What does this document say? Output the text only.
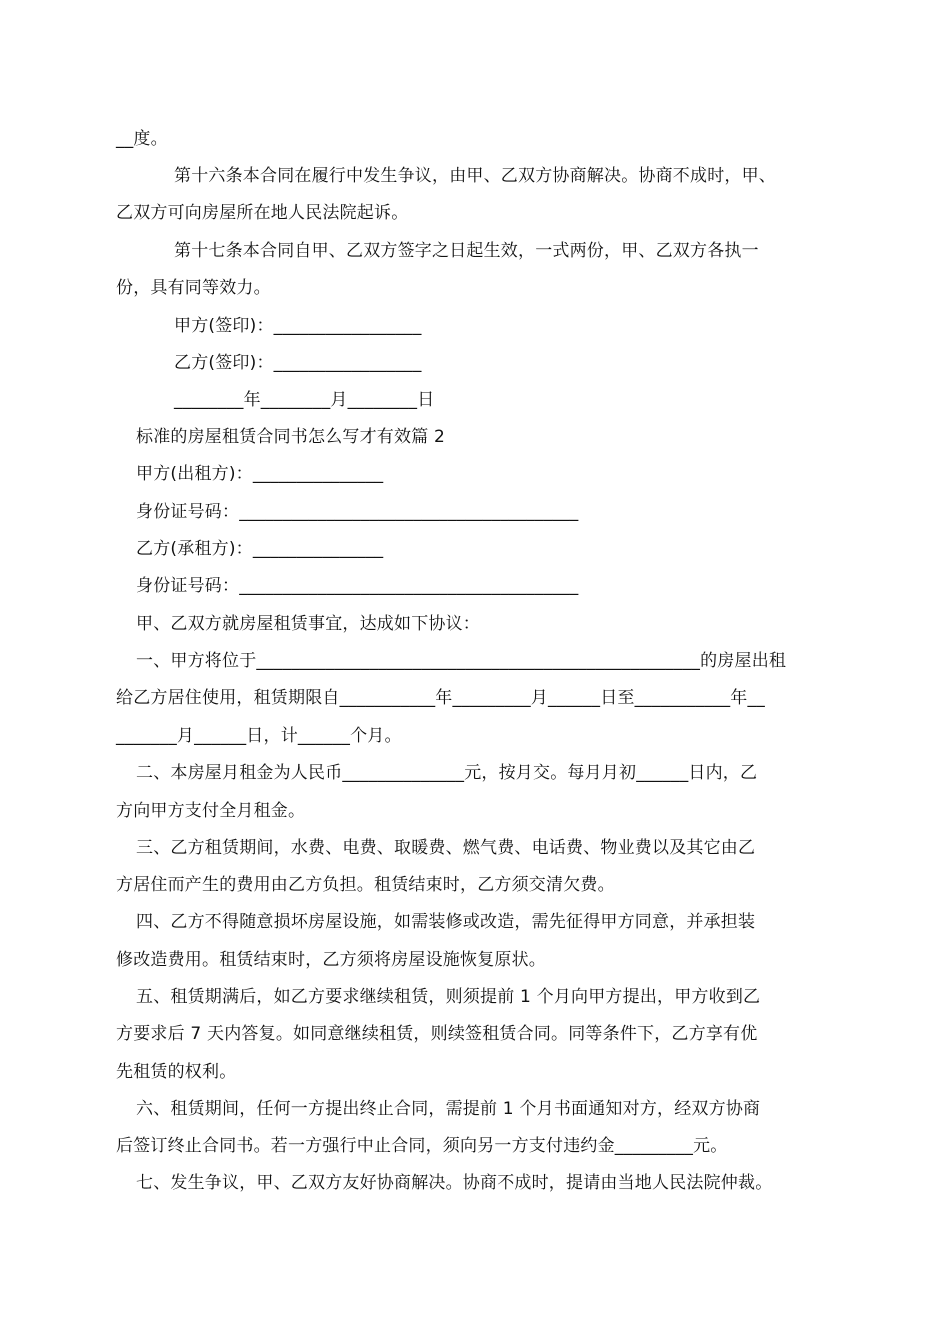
__度。
第十六条本合同在履行中发生争议，由甲、乙双方协商解决。协商不成时，甲、
乙双方可向房屋所在地人民法院起诉。
第十七条本合同自甲、乙双方签字之日起生效，一式两份，甲、乙双方各执一
份，具有同等效力。
甲方(签印)：_________________
乙方(签印)：_________________
________年________月________日
标准的房屋租赁合同书怎么写才有效篇 2
甲方(出租方)：_______________
身份证号码：_______________________________________
乙方(承租方)：_______________
身份证号码：_______________________________________
甲、乙双方就房屋租赁事宜，达成如下协议：
一、甲方将位于___________________________________________________的房屋出租
给乙方居住使用，租赁期限自___________年_________月______日至___________年__
_______月______日，计______个月。
二、本房屋月租金为人民币______________元，按月交。每月月初______日内，乙
方向甲方支付全月租金。
三、乙方租赁期间，水费、电费、取暖费、燃气费、电话费、物业费以及其它由乙
方居住而产生的费用由乙方负担。租赁结束时，乙方须交清欠费。
四、乙方不得随意损坏房屋设施，如需装修或改造，需先征得甲方同意，并承担装
修改造费用。租赁结束时，乙方须将房屋设施恢复原状。
五、租赁期满后，如乙方要求继续租赁，则须提前 1 个月向甲方提出，甲方收到乙
方要求后 7 天内答复。如同意继续租赁，则续签租赁合同。同等条件下，乙方享有优
先租赁的权利。
六、租赁期间，任何一方提出终止合同，需提前 1 个月书面通知对方，经双方协商
后签订终止合同书。若一方强行中止合同，须向另一方支付违约金_________元。
七、发生争议，甲、乙双方友好协商解决。协商不成时，提请由当地人民法院仲裁。
